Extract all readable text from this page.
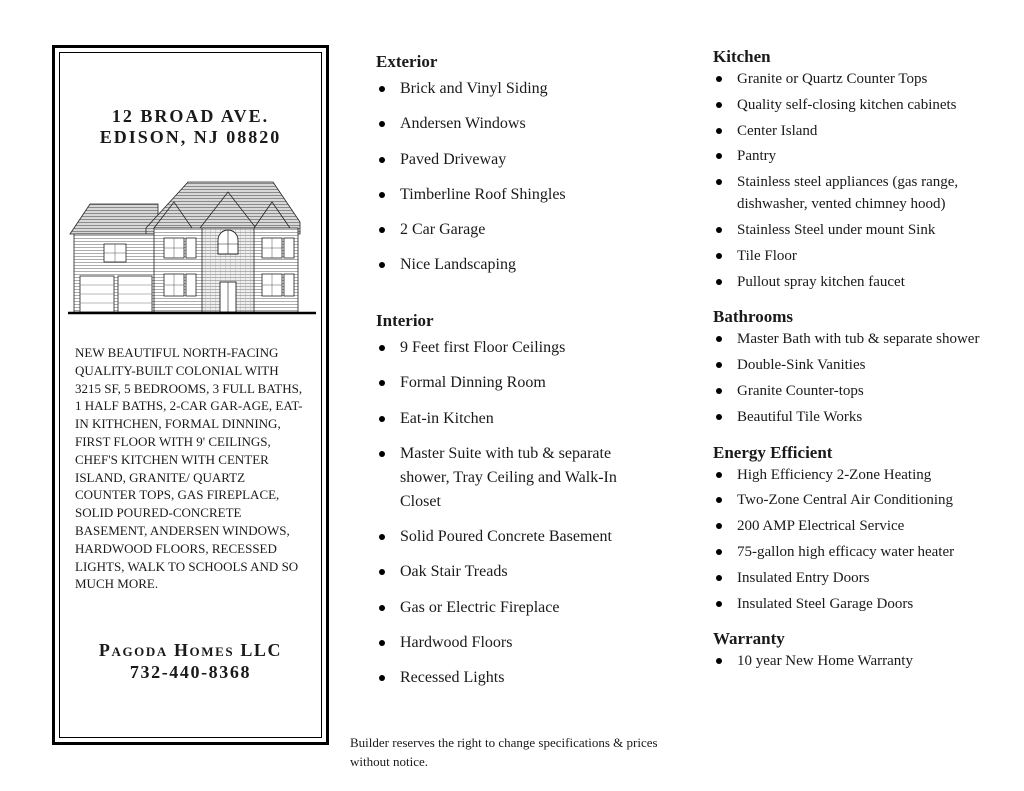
12 BROAD AVE.
EDISON, NJ 08820
NEW BEAUTIFUL NORTH-FACING QUALITY-BUILT COLONIAL WITH 3215 SF, 5 BEDROOMS, 3 FULL BATHS, 1 HALF BATHS, 2-CAR GAR-AGE, EAT-IN KITHCHEN, FORMAL DINNING, FIRST FLOOR WITH 9' CEILINGS, CHEF'S KITCHEN WITH CENTER ISLAND, GRANITE/ QUARTZ COUNTER TOPS, GAS FIREPLACE, SOLID POURED-CONCRETE BASEMENT, ANDERSEN WINDOWS, HARDWOOD FLOORS, RECESSED LIGHTS, WALK TO SCHOOLS AND SO MUCH MORE.
Pagoda Homes LLC
732-440-8368
Exterior
Brick and Vinyl Siding
Andersen Windows
Paved Driveway
Timberline Roof Shingles
2 Car Garage
Nice Landscaping
Interior
9 Feet first Floor Ceilings
Formal Dinning Room
Eat-in Kitchen
Master Suite with tub & separate shower, Tray Ceiling and Walk-In Closet
Solid Poured Concrete Basement
Oak Stair Treads
Gas or Electric Fireplace
Hardwood Floors
Recessed Lights
Builder reserves the right to change specifications & prices without notice.
Kitchen
Granite or Quartz Counter Tops
Quality self-closing kitchen cabinets
Center Island
Pantry
Stainless steel appliances (gas range, dishwasher, vented chimney hood)
Stainless Steel under mount Sink
Tile Floor
Pullout spray kitchen faucet
Bathrooms
Master Bath with tub & separate shower
Double-Sink Vanities
Granite Counter-tops
Beautiful Tile Works
Energy Efficient
High Efficiency 2-Zone Heating
Two-Zone Central Air Conditioning
200 AMP Electrical Service
75-gallon high efficacy water heater
Insulated Entry Doors
Insulated Steel Garage Doors
Warranty
10 year New Home Warranty
